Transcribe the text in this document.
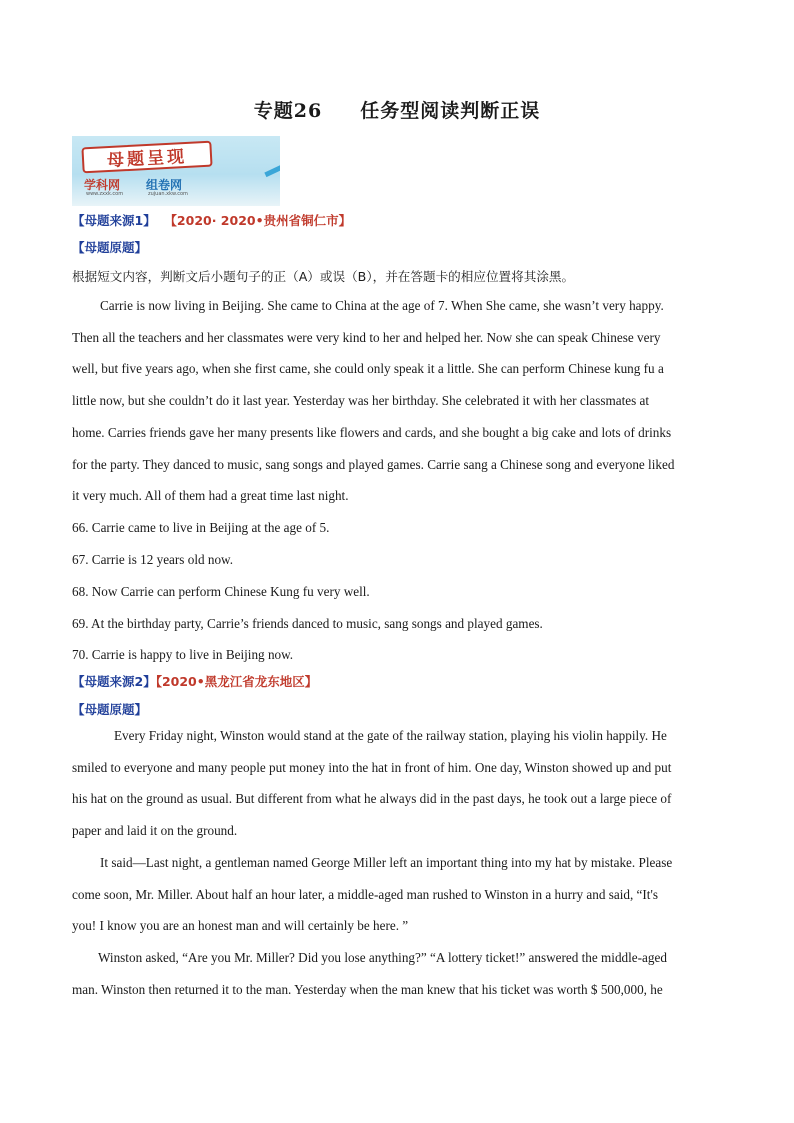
专题26 任务型阅读判断正误
母题呈现
学科网
www.zxxk.com
组卷网
zujuan.xkw.com
【母题来源1】 【2020· 2020•贵州省铜仁市】
【母题原题】
根据短文内容，判断文后小题句子的正（A）或误（B），并在答题卡的相应位置将其涂黑。
Carrie is now living in Beijing. She came to China at the age of 7. When She came, she wasn’t very happy.
Then all the teachers and her classmates were very kind to her and helped her. Now she can speak Chinese very
well, but five years ago, when she first came, she could only speak it a little. She can perform Chinese kung fu a
little now, but she couldn’t do it last year. Yesterday was her birthday. She celebrated it with her classmates at
home. Carries friends gave her many presents like flowers and cards, and she bought a big cake and lots of drinks
for the party. They danced to music, sang songs and played games. Carrie sang a Chinese song and everyone liked
it very much. All of them had a great time last night.
66. Carrie came to live in Beijing at the age of 5.
67. Carrie is 12 years old now.
68. Now Carrie can perform Chinese Kung fu very well.
69. At the birthday party, Carrie’s friends danced to music, sang songs and played games.
70. Carrie is happy to live in Beijing now.
【母题来源2】【2020•黑龙江省龙东地区】
【母题原题】
Every Friday night, Winston would stand at the gate of the railway station, playing his violin happily. He
smiled to everyone and many people put money into the hat in front of him. One day, Winston showed up and put
his hat on the ground as usual. But different from what he always did in the past days, he took out a large piece of
paper and laid it on the ground.
It said—Last night, a gentleman named George Miller left an important thing into my hat by mistake. Please
come soon, Mr. Miller. About half an hour later, a middle-aged man rushed to Winston in a hurry and said, “It's
you! I know you are an honest man and will certainly be here. ”
Winston asked, “Are you Mr. Miller? Did you lose anything?” “A lottery ticket!” answered the middle-aged
man. Winston then returned it to the man. Yesterday when the man knew that his ticket was worth $ 500,000, he
